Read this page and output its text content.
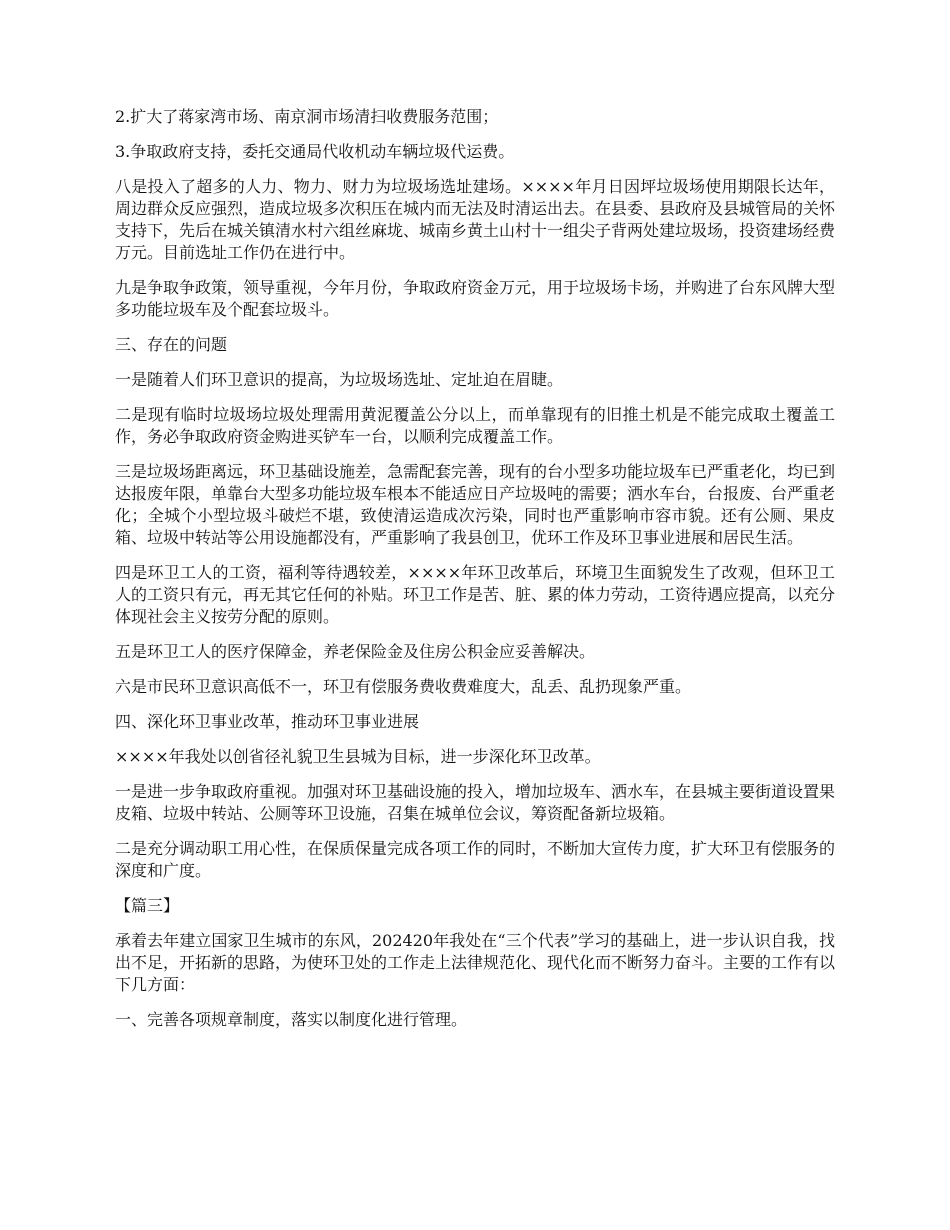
2.扩大了蒋家湾市场、南京洞市场清扫收费服务范围；

3.争取政府支持，委托交通局代收机动车辆垃圾代运费。

八是投入了超多的人力、物力、财力为垃圾场选址建场。××××年月日因坪垃圾场使用期限长达年，周边群众反应强烈，造成垃圾多次积压在城内而无法及时清运出去。在县委、县政府及县城管局的关怀支持下，先后在城关镇清水村六组丝麻垅、城南乡黄土山村十一组尖子背两处建垃圾场，投资建场经费万元。目前选址工作仍在进行中。

九是争取争政策，领导重视，今年月份，争取政府资金万元，用于垃圾场卡场，并购进了台东风牌大型多功能垃圾车及个配套垃圾斗。

三、存在的问题

一是随着人们环卫意识的提高，为垃圾场选址、定址迫在眉睫。

二是现有临时垃圾场垃圾处理需用黄泥覆盖公分以上，而单靠现有的旧推土机是不能完成取土覆盖工作，务必争取政府资金购进买铲车一台，以顺利完成覆盖工作。

三是垃圾场距离远，环卫基础设施差，急需配套完善，现有的台小型多功能垃圾车已严重老化，均已到达报废年限，单靠台大型多功能垃圾车根本不能适应日产垃圾吨的需要；洒水车台，台报废、台严重老化；全城个小型垃圾斗破烂不堪，致使清运造成次污染，同时也严重影响市容市貌。还有公厕、果皮箱、垃圾中转站等公用设施都没有，严重影响了我县创卫，优环工作及环卫事业进展和居民生活。

四是环卫工人的工资，福利等待遇较差，××××年环卫改革后，环境卫生面貌发生了改观，但环卫工人的工资只有元，再无其它任何的补贴。环卫工作是苦、脏、累的体力劳动，工资待遇应提高，以充分体现社会主义按劳分配的原则。

五是环卫工人的医疗保障金，养老保险金及住房公积金应妥善解决。

六是市民环卫意识高低不一，环卫有偿服务费收费难度大，乱丢、乱扔现象严重。

四、深化环卫事业改革，推动环卫事业进展

××××年我处以创省径礼貌卫生县城为目标，进一步深化环卫改革。

一是进一步争取政府重视。加强对环卫基础设施的投入，增加垃圾车、洒水车，在县城主要街道设置果皮箱、垃圾中转站、公厕等环卫设施，召集在城单位会议，筹资配备新垃圾箱。

二是充分调动职工用心性，在保质保量完成各项工作的同时，不断加大宣传力度，扩大环卫有偿服务的深度和广度。

【篇三】

承着去年建立国家卫生城市的东风，202420年我处在“三个代表”学习的基础上，进一步认识自我，找出不足，开拓新的思路，为使环卫处的工作走上法律规范化、现代化而不断努力奋斗。主要的工作有以下几方面：

一、完善各项规章制度，落实以制度化进行管理。
